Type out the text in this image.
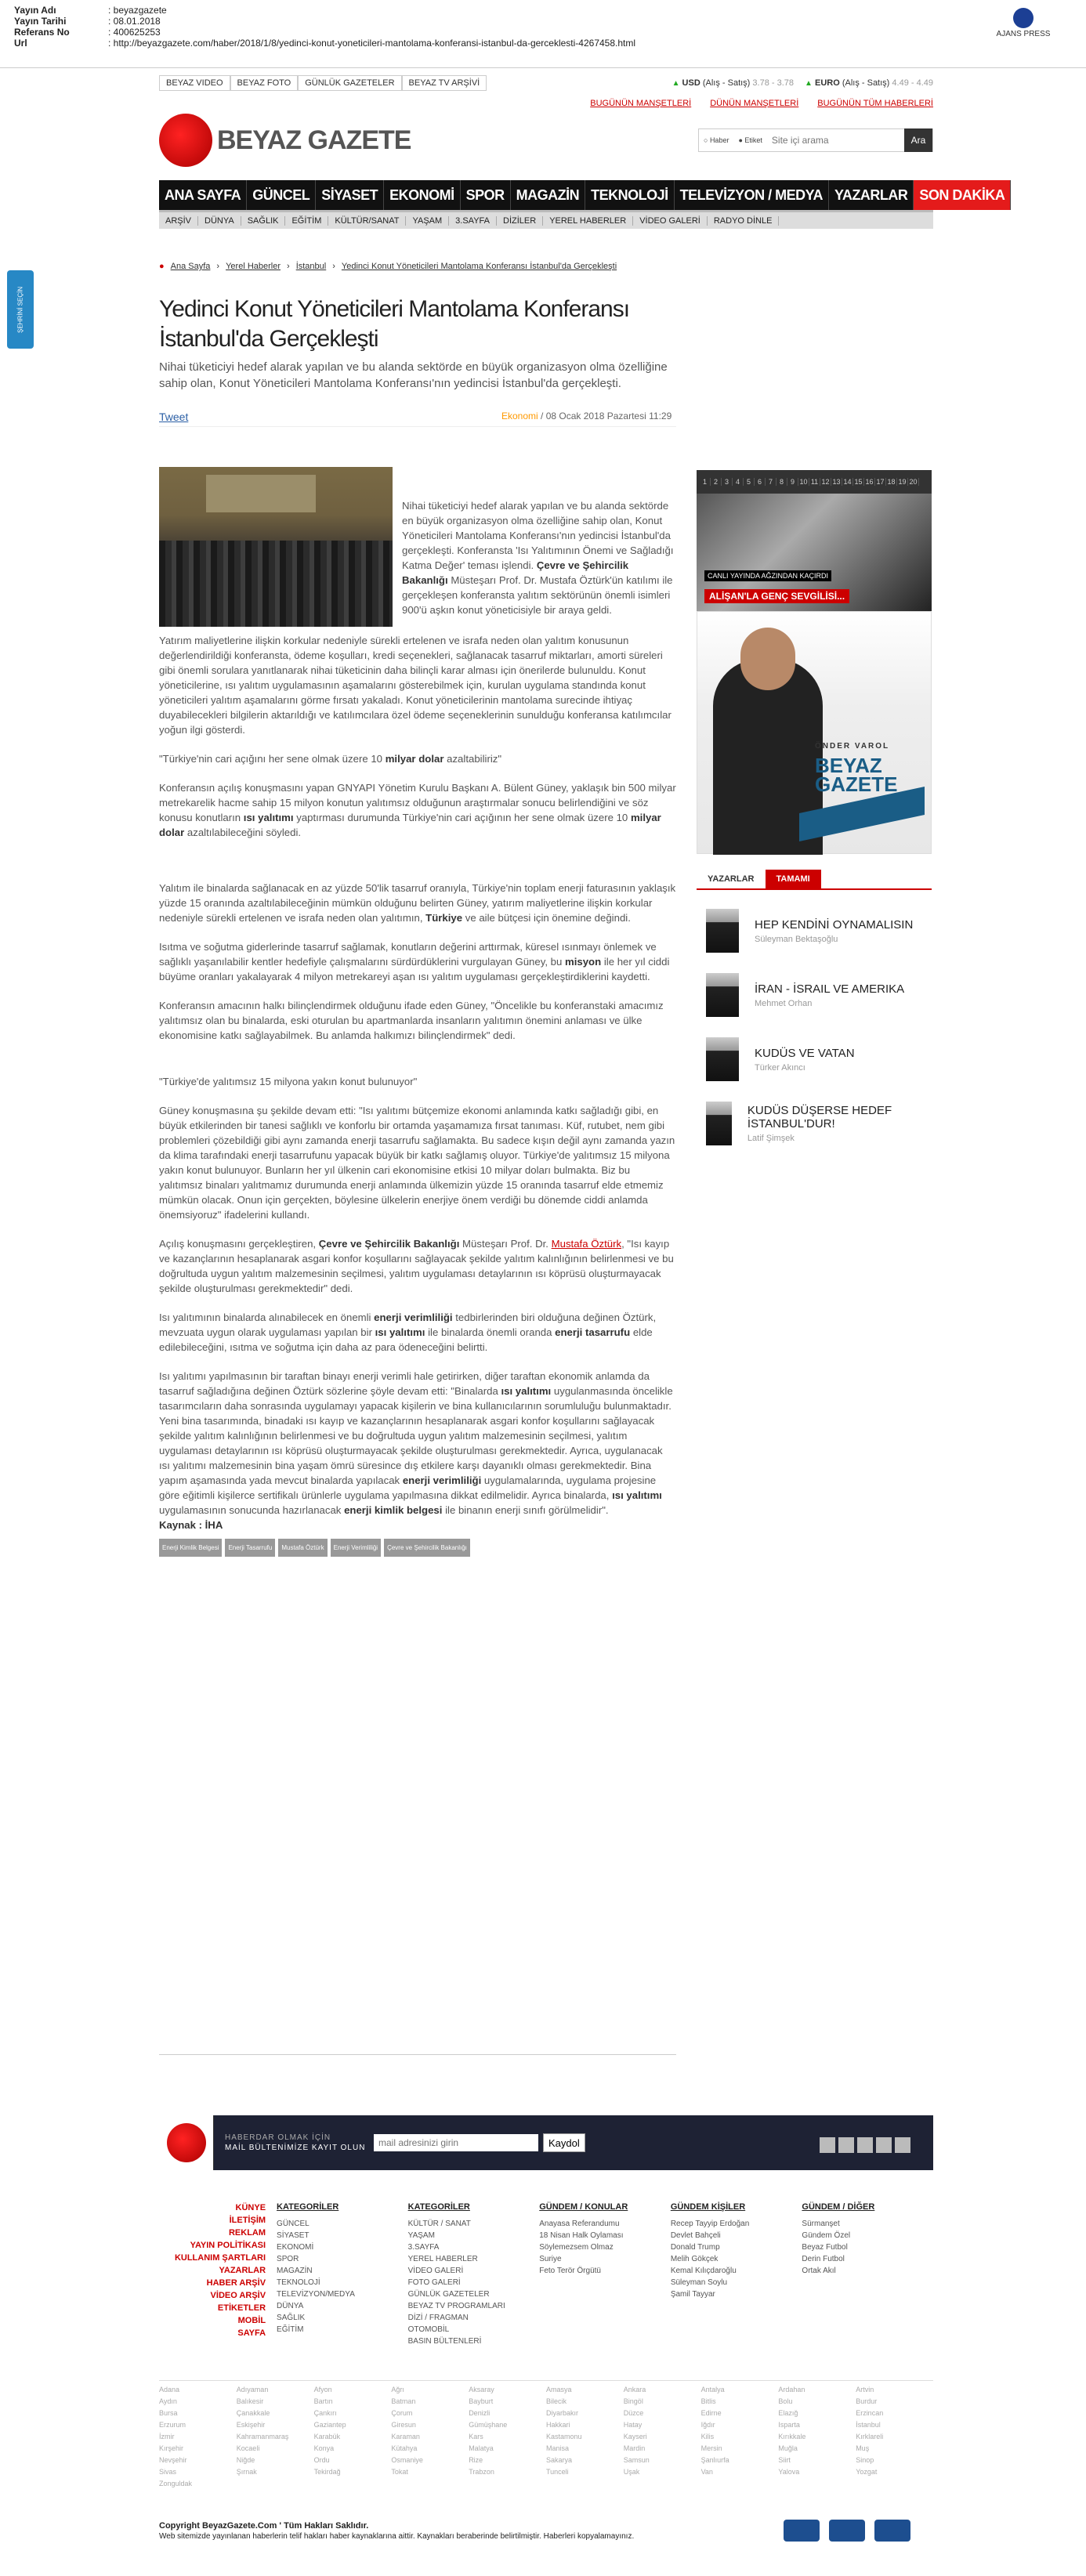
Yayın Adı	: beyazgazete
Yayın Tarihi	: 08.01.2018
Referans No	: 400625253
Url	: http://beyazgazete.com/haber/2018/1/8/yedinci-konut-yoneticileri-mantolama-konferansi-istanbul-da-gerceklesti-4267458.html
AJANS PRESS
ŞEHRİNİ SEÇİN
BEYAZ VIDEO	BEYAZ FOTO	GÜNLÜK GAZETELER	BEYAZ TV ARŞİVİ	▲ USD (Alış - Satış) 3.78 - 3.78 ▲ EURO (Alış - Satış) 4.49 - 4.49
BUGÜNÜN MANŞETLERİ DÜNÜN MANŞETLERİ BUGÜNÜN TÜM HABERLERİ
BEYAZ GAZETE	○ Haber	● Etiket
Site içi arama	Ara
ANA SAYFA GÜNCEL SİYASET EKONOMİ SPOR MAGAZİN TEKNOLOJİ TELEVİZYON / MEDYA YAZARLAR SON DAKİKA
ARŞİV	DÜNYA	SAĞLIK	EĞİTİM	KÜLTÜR/SANAT	YAŞAM	3.SAYFA	DİZİLER	YEREL HABERLER	VİDEO GALERİ	RADYO DİNLE
● Ana Sayfa › Yerel Haberler › İstanbul › Yedinci Konut Yöneticileri Mantolama Konferansı İstanbul'da Gerçekleşti
Yedinci Konut Yöneticileri Mantolama Konferansı İstanbul'da Gerçekleşti
Nihai tüketiciyi hedef alarak yapılan ve bu alanda sektörde en büyük organizasyon olma özelliğine sahip olan, Konut Yöneticileri Mantolama Konferansı'nın yedincisi İstanbul'da gerçekleşti.
Tweet	Ekonomi / 08 Ocak 2018 Pazartesi 11:29

Nihai tüketiciyi hedef alarak yapılan ve bu alanda sektörde en büyük organizasyon olma özelliğine sahip olan, Konut Yöneticileri Mantolama Konferansı'nın yedincisi İstanbul'da gerçekleşti. Konferansta 'Isı Yalıtımının Önemi ve Sağladığı Katma Değer' teması işlendi. Çevre ve Şehircilik Bakanlığı Müsteşarı Prof. Dr. Mustafa Öztürk'ün katılımı ile gerçekleşen konferansta yalıtım sektörünün önemli isimleri 900'ü aşkın konut yöneticisiyle bir araya geldi.

Yatırım maliyetlerine ilişkin korkular nedeniyle sürekli ertelenen ve israfa neden olan yalıtım konusunun değerlendirildiği konferansta, ödeme koşulları, kredi seçenekleri, sağlanacak tasarruf miktarları, amorti süreleri gibi önemli sorulara yanıtlanarak nihai tüketicinin daha bilinçli karar alması için önerilerde bulunuldu. Konut yöneticilerine, ısı yalıtım uygulamasının aşamalarını gösterebilmek için, kurulan uygulama standında konut yöneticileri yalıtım aşamalarını görme fırsatı yakaladı. Konut yöneticilerinin mantolama surecinde ihtiyaç duyabilecekleri bilgilerin aktarıldığı ve katılımcılara özel ödeme seçeneklerinin sunulduğu konferansa katılımcılar yoğun ilgi gösterdi.

"Türkiye'nin cari açığını her sene olmak üzere 10 milyar dolar azaltabiliriz"

Konferansın açılış konuşmasını yapan GNYAPI Yönetim Kurulu Başkanı A. Bülent Güney, yaklaşık bin 500 milyar metrekarelik hacme sahip 15 milyon konutun yalıtımsız olduğunun araştırmalar sonucu belirlendiğini ve söz konusu konutların ısı yalıtımı yaptırması durumunda Türkiye'nin cari açığının her sene olmak üzere 10 milyar dolar azaltılabileceğini söyledi.

Yalıtım ile binalarda sağlanacak en az yüzde 50'lik tasarruf oranıyla, Türkiye'nin toplam enerji faturasının yaklaşık yüzde 15 oranında azaltılabileceğinin mümkün olduğunu belirten Güney, yatırım maliyetlerine ilişkin korkular nedeniyle sürekli ertelenen ve israfa neden olan yalıtımın, Türkiye ve aile bütçesi için önemine değindi.

Isıtma ve soğutma giderlerinde tasarruf sağlamak, konutların değerini arttırmak, küresel ısınmayı önlemek ve sağlıklı yaşanılabilir kentler hedefiyle çalışmalarını sürdürdüklerini vurgulayan Güney, bu misyon ile her yıl ciddi büyüme oranları yakalayarak 4 milyon metrekareyi aşan ısı yalıtım uygulaması gerçekleştirdiklerini kaydetti.

Konferansın amacının halkı bilinçlendirmek olduğunu ifade eden Güney, "Öncelikle bu konferanstaki amacımız yalıtımsız olan bu binalarda, eski oturulan bu apartmanlarda insanların yalıtımın önemini anlaması ve ülke ekonomisine katkı sağlayabilmek. Bu anlamda halkımızı bilinçlendirmek" dedi.

"Türkiye'de yalıtımsız 15 milyona yakın konut bulunuyor"

Güney konuşmasına şu şekilde devam etti: "Isı yalıtımı bütçemize ekonomi anlamında katkı sağladığı gibi, en büyük etkilerinden bir tanesi sağlıklı ve konforlu bir ortamda yaşamamıza fırsat tanıması. Küf, rutubet, nem gibi problemleri çözebildiği gibi aynı zamanda enerji tasarrufu sağlamakta. Bu sadece kışın değil aynı zamanda yazın da klima tarafındaki enerji tasarrufunu yapacak büyük bir katkı sağlamış oluyor. Türkiye'de yalıtımsız 15 milyona yakın konut bulunuyor. Bunların her yıl ülkenin cari ekonomisine etkisi 10 milyar doları bulmakta. Biz bu yalıtımsız binaları yalıtmamız durumunda enerji anlamında ülkemizin yüzde 15 oranında tasarruf elde etmemiz mümkün olacak. Onun için gerçekten, böylesine ülkelerin enerjiye önem verdiği bu dönemde ciddi anlamda önemsiyoruz" ifadelerini kullandı.

Açılış konuşmasını gerçekleştiren, Çevre ve Şehircilik Bakanlığı Müsteşarı Prof. Dr. Mustafa Öztürk, "Isı kayıp ve kazançlarının hesaplanarak asgari konfor koşullarını sağlayacak şekilde yalıtım kalınlığının belirlenmesi ve bu doğrultuda uygun yalıtım malzemesinin seçilmesi, yalıtım uygulaması detaylarının ısı köprüsü oluşturmayacak şekilde oluşturulması gerekmektedir" dedi.

Isı yalıtımının binalarda alınabilecek en önemli enerji verimliliği tedbirlerinden biri olduğuna değinen Öztürk, mevzuata uygun olarak uygulaması yapılan bir ısı yalıtımı ile binalarda önemli oranda enerji tasarrufu elde edilebileceğini, ısıtma ve soğutma için daha az para ödeneceğini belirtti.

Isı yalıtımı yapılmasının bir taraftan binayı enerji verimli hale getirirken, diğer taraftan ekonomik anlamda da tasarruf sağladığına değinen Öztürk sözlerine şöyle devam etti: "Binalarda ısı yalıtımı uygulanmasında öncelikle tasarımcıların daha sonrasında uygulamayı yapacak kişilerin ve bina kullanıcılarının sorumluluğu bulunmaktadır. Yeni bina tasarımında, binadaki ısı kayıp ve kazançlarının hesaplanarak asgari konfor koşullarını sağlayacak şekilde yalıtım kalınlığının belirlenmesi ve bu doğrultuda uygun yalıtım malzemesinin seçilmesi, yalıtım uygulaması detaylarının ısı köprüsü oluşturmayacak şekilde oluşturulması gerekmektedir. Ayrıca, uygulanacak ısı yalıtımı malzemesinin bina yaşam ömrü süresince dış etkilere karşı dayanıklı olması gerekmektedir. Bina yapım aşamasında yada mevcut binalarda yapılacak enerji verimliliği uygulamalarında, uygulama projesine göre eğitimli kişilerce sertifikalı ürünlerle uygulama yapılmasına dikkat edilmelidir. Ayrıca binalarda, ısı yalıtımı uygulamasının sonucunda hazırlanacak enerji kimlik belgesi ile binanın enerji sınıfı görülmelidir".

Kaynak : İHA

Enerji Kimlik Belgesi	Enerji Tasarrufu	Mustafa Öztürk	Enerji Verimliliği	Çevre ve Şehircilik Bakanlığı
1 2 3 4 5 6 7 8 9 10 11 12 13 14 15 16 17 18 19 20
CANLI YAYINDA AĞZINDAN KAÇIRDI
ALİŞAN'LA GENÇ SEVGİLİSİ...
ÖNDER VAROL
BEYAZ GAZETE
YAZARLAR	TAMAMI
HEP KENDİNİ OYNAMALISIN
Süleyman Bektaşoğlu
İRAN - İSRAIL VE AMERIKA
Mehmet Orhan
KUDÜS VE VATAN
Türker Akıncı
KUDÜS DÜŞERSE HEDEF İSTANBUL'DUR!
Latif Şimşek
HABERDAR OLMAK İÇİN
MAİL BÜLTENİMİZE KAYIT OLUN
mail adresinizi girin	Kaydol
KÜNYE
İLETİŞİM
REKLAM
YAYIN POLİTİKASI
KULLANIM ŞARTLARI
YAZARLAR
HABER ARŞİV
VİDEO ARŞİV
ETİKETLER
MOBİL
SAYFA
KATEGORİLER
GÜNCEL
SİYASET
EKONOMİ
SPOR
MAGAZİN
TEKNOLOJİ
TELEVİZYON/MEDYA
DÜNYA
SAĞLIK
EĞİTİM
KATEGORİLER
KÜLTÜR / SANAT
YAŞAM
3.SAYFA
YEREL HABERLER
VİDEO GALERİ
FOTO GALERİ
GÜNLÜK GAZETELER
BEYAZ TV PROGRAMLARI
DİZİ / FRAGMAN
OTOMOBİL
BASIN BÜLTENLERİ
GÜNDEM / KONULAR
Anayasa Referandumu
18 Nisan Halk Oylaması
Söylemezsem Olmaz
Suriye
Feto Terör Örgütü
GÜNDEM KİŞİLER
Recep Tayyip Erdoğan
Devlet Bahçeli
Donald Trump
Melih Gökçek
Kemal Kılıçdaroğlu
Süleyman Soylu
Şamil Tayyar
GÜNDEM / DİĞER
Sürmanşet
Gündem Özel
Beyaz Futbol
Derin Futbol
Ortak Akıl
Adana	Adıyaman	Afyon	Ağrı	Aksaray	Amasya	Ankara	Antalya	Ardahan	Artvin
Aydın	Balıkesir	Bartın	Batman	Bayburt	Bilecik	Bingöl	Bitlis	Bolu	Burdur
Bursa	Çanakkale	Çankırı	Çorum	Denizli	Diyarbakır	Düzce	Edirne	Elazığ	Erzincan
Erzurum	Eskişehir	Gaziantep	Giresun	Gümüşhane	Hakkari	Hatay	Iğdır	Isparta	İstanbul
İzmir	Kahramanmaraş	Karabük	Karaman	Kars	Kastamonu	Kayseri	Kilis	Kırıkkale	Kırklareli
Kırşehir	Kocaeli	Konya	Kütahya	Malatya	Manisa	Mardin	Mersin	Muğla	Muş
Nevşehir	Niğde	Ordu	Osmaniye	Rize	Sakarya	Samsun	Şanlıurfa	Siirt	Sinop
Sivas	Şırnak	Tekirdağ	Tokat	Trabzon	Tunceli	Uşak	Van	Yalova	Yozgat
Zonguldak
Copyright BeyazGazete.Com ' Tüm Hakları Saklıdır.
Web sitemizde yayınlanan haberlerin telif hakları haber kaynaklarına aittir. Kaynakları beraberinde belirtilmiştir. Haberleri kopyalamayınız.
